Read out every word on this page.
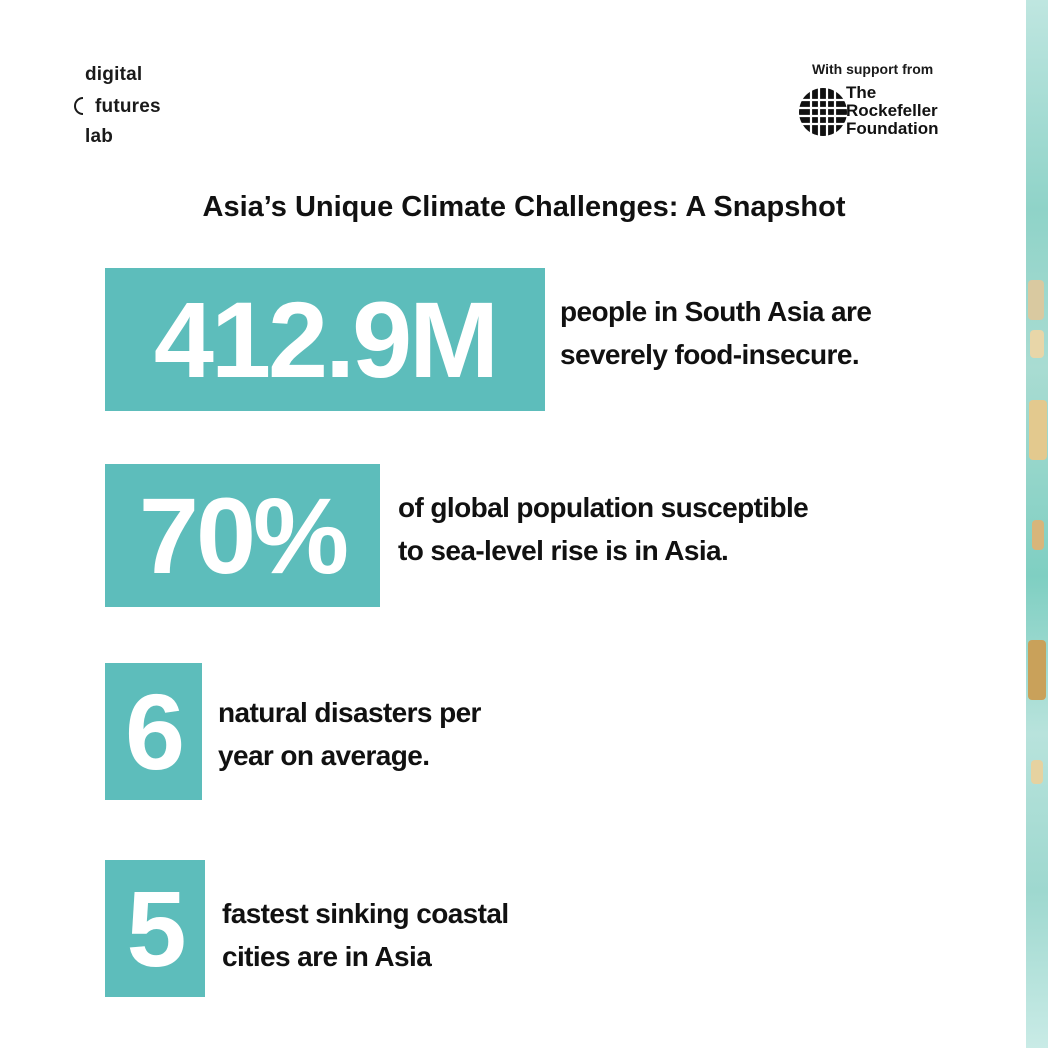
digital
futures
lab
With support from
The
Rockefeller
Foundation
Asia’s Unique Climate Challenges: A Snapshot
412.9M	people in South Asia are
severely food-insecure.
70%	of global population susceptible
to sea-level rise is in Asia.
6	natural disasters per
year on average.
5	fastest sinking coastal
cities are in Asia
